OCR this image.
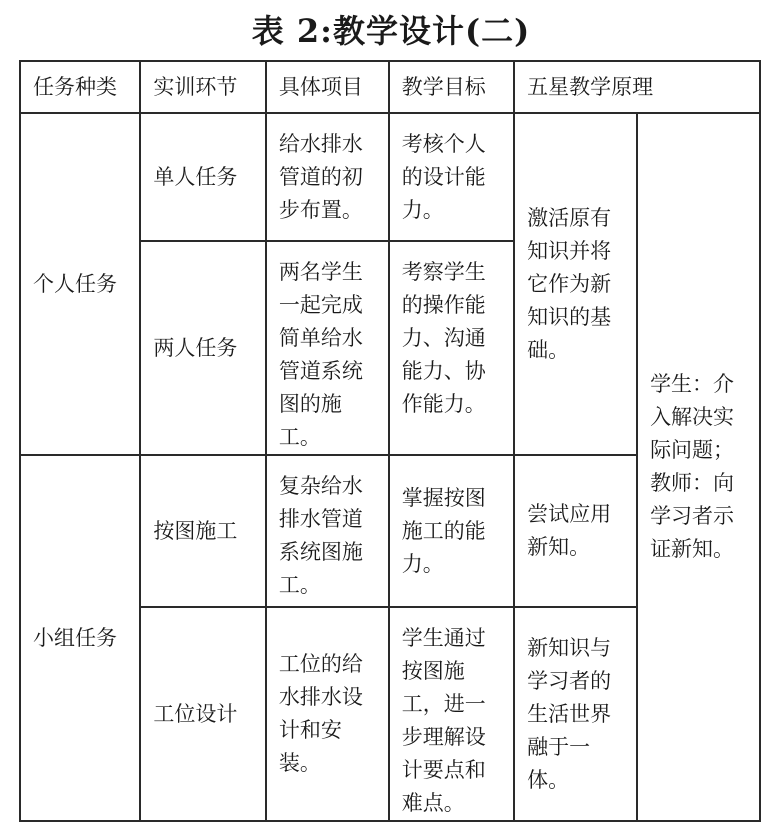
表 2:教学设计(二)
任务种类	实训环节	具体项目	教学目标	五星教学原理	
个人任务	单人任务	给水排水管道的初步布置。	考核个人的设计能力。	激活原有知识并将它作为新知识的基础。	学生：介入解决实际问题；教师：向学习者示证新知。
	两人任务	两名学生一起完成简单给水管道系统图的施工。	考察学生的操作能力、沟通能力、协作能力。		
小组任务	按图施工	复杂给水排水管道系统图施工。	掌握按图施工的能力。	尝试应用新知。	
	工位设计	工位的给水排水设计和安装。	学生通过按图施工，进一步理解设计要点和难点。	新知识与学习者的生活世界融于一体。	
